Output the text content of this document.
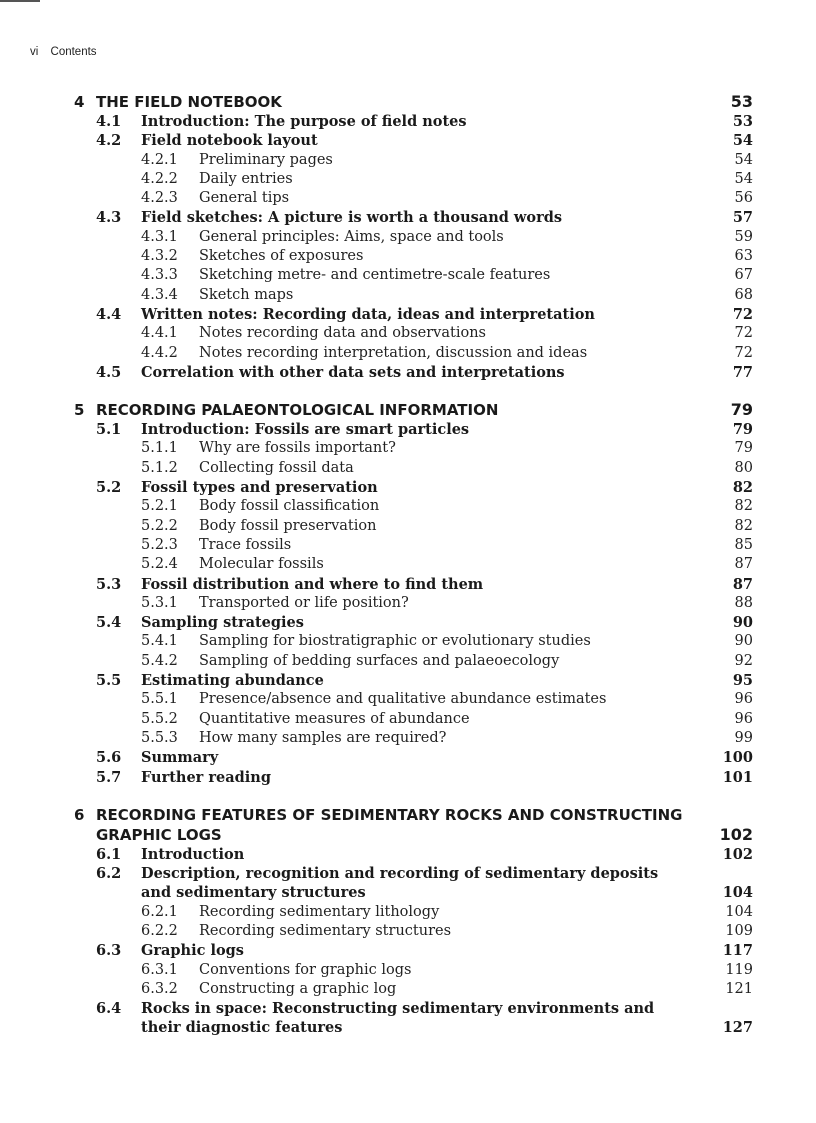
vi Contents
4 THE FIELD NOTEBOOK	53
4.1 Introduction: The purpose of field notes	53
4.2 Field notebook layout	54
4.2.1 Preliminary pages	54
4.2.2 Daily entries	54
4.2.3 General tips	56
4.3 Field sketches: A picture is worth a thousand words	57
4.3.1 General principles: Aims, space and tools	59
4.3.2 Sketches of exposures	63
4.3.3 Sketching metre- and centimetre-scale features	67
4.3.4 Sketch maps	68
4.4 Written notes: Recording data, ideas and interpretation	72
4.4.1 Notes recording data and observations	72
4.4.2 Notes recording interpretation, discussion and ideas	72
4.5 Correlation with other data sets and interpretations	77
5 RECORDING PALAEONTOLOGICAL INFORMATION	79
5.1 Introduction: Fossils are smart particles	79
5.1.1 Why are fossils important?	79
5.1.2 Collecting fossil data	80
5.2 Fossil types and preservation	82
5.2.1 Body fossil classification	82
5.2.2 Body fossil preservation	82
5.2.3 Trace fossils	85
5.2.4 Molecular fossils	87
5.3 Fossil distribution and where to find them	87
5.3.1 Transported or life position?	88
5.4 Sampling strategies	90
5.4.1 Sampling for biostratigraphic or evolutionary studies	90
5.4.2 Sampling of bedding surfaces and palaeoecology	92
5.5 Estimating abundance	95
5.5.1 Presence/absence and qualitative abundance estimates	96
5.5.2 Quantitative measures of abundance	96
5.5.3 How many samples are required?	99
5.6 Summary	100
5.7 Further reading	101
6 RECORDING FEATURES OF SEDIMENTARY ROCKS AND CONSTRUCTING GRAPHIC LOGS	102
6.1 Introduction	102
6.2 Description, recognition and recording of sedimentary deposits and sedimentary structures	104
6.2.1 Recording sedimentary lithology	104
6.2.2 Recording sedimentary structures	109
6.3 Graphic logs	117
6.3.1 Conventions for graphic logs	119
6.3.2 Constructing a graphic log	121
6.4 Rocks in space: Reconstructing sedimentary environments and their diagnostic features	127
